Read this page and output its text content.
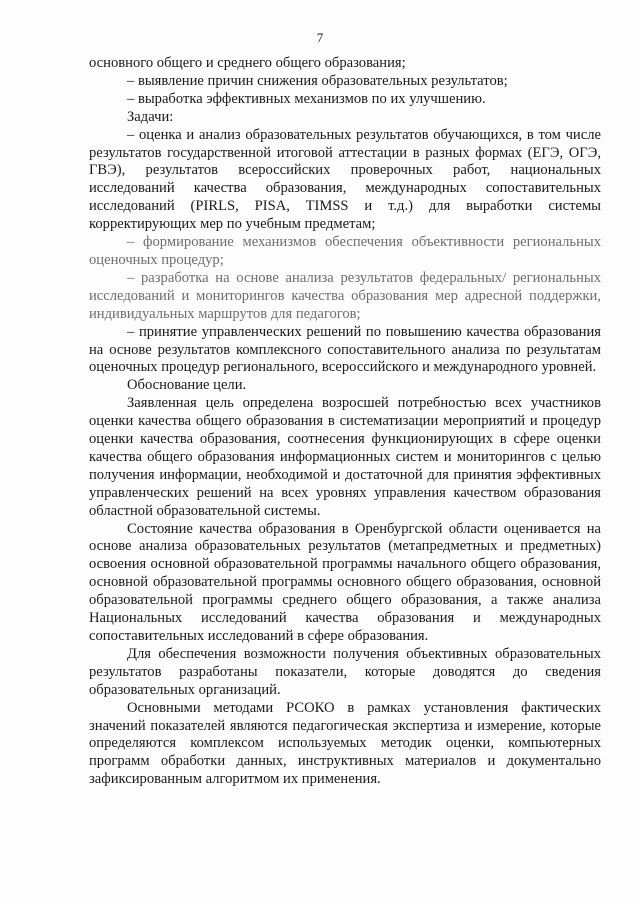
7

основного общего и среднего общего образования;

– выявление причин снижения образовательных результатов;

– выработка эффективных механизмов по их улучшению.

Задачи:

– оценка и анализ образовательных результатов обучающихся, в том числе результатов государственной итоговой аттестации в разных формах (ЕГЭ, ОГЭ, ГВЭ), результатов всероссийских проверочных работ, национальных исследований качества образования, международных сопоставительных исследований (PIRLS, PISA, TIMSS и т.д.) для выработки системы корректирующих мер по учебным предметам;

– формирование механизмов обеспечения объективности региональных оценочных процедур;

– разработка на основе анализа результатов федеральных/ региональных исследований и мониторингов качества образования мер адресной поддержки, индивидуальных маршрутов для педагогов;

– принятие управленческих решений по повышению качества образования на основе результатов комплексного сопоставительного анализа по результатам оценочных процедур регионального, всероссийского и международного уровней.

Обоснование цели.

Заявленная цель определена возросшей потребностью всех участников оценки качества общего образования в систематизации мероприятий и процедур оценки качества образования, соотнесения функционирующих в сфере оценки качества общего образования информационных систем и мониторингов с целью получения информации, необходимой и достаточной для принятия эффективных управленческих решений на всех уровнях управления качеством образования областной образовательной системы.

Состояние качества образования в Оренбургской области оценивается на основе анализа образовательных результатов (метапредметных и предметных) освоения основной образовательной программы начального общего образования, основной образовательной программы основного общего образования, основной образовательной программы среднего общего образования, а также анализа Национальных исследований качества образования и международных сопоставительных исследований в сфере образования.

Для обеспечения возможности получения объективных образовательных результатов разработаны показатели, которые доводятся до сведения образовательных организаций.

Основными методами РСОКО в рамках установления фактических значений показателей являются педагогическая экспертиза и измерение, которые определяются комплексом используемых методик оценки, компьютерных программ обработки данных, инструктивных материалов и документально зафиксированным алгоритмом их применения.
